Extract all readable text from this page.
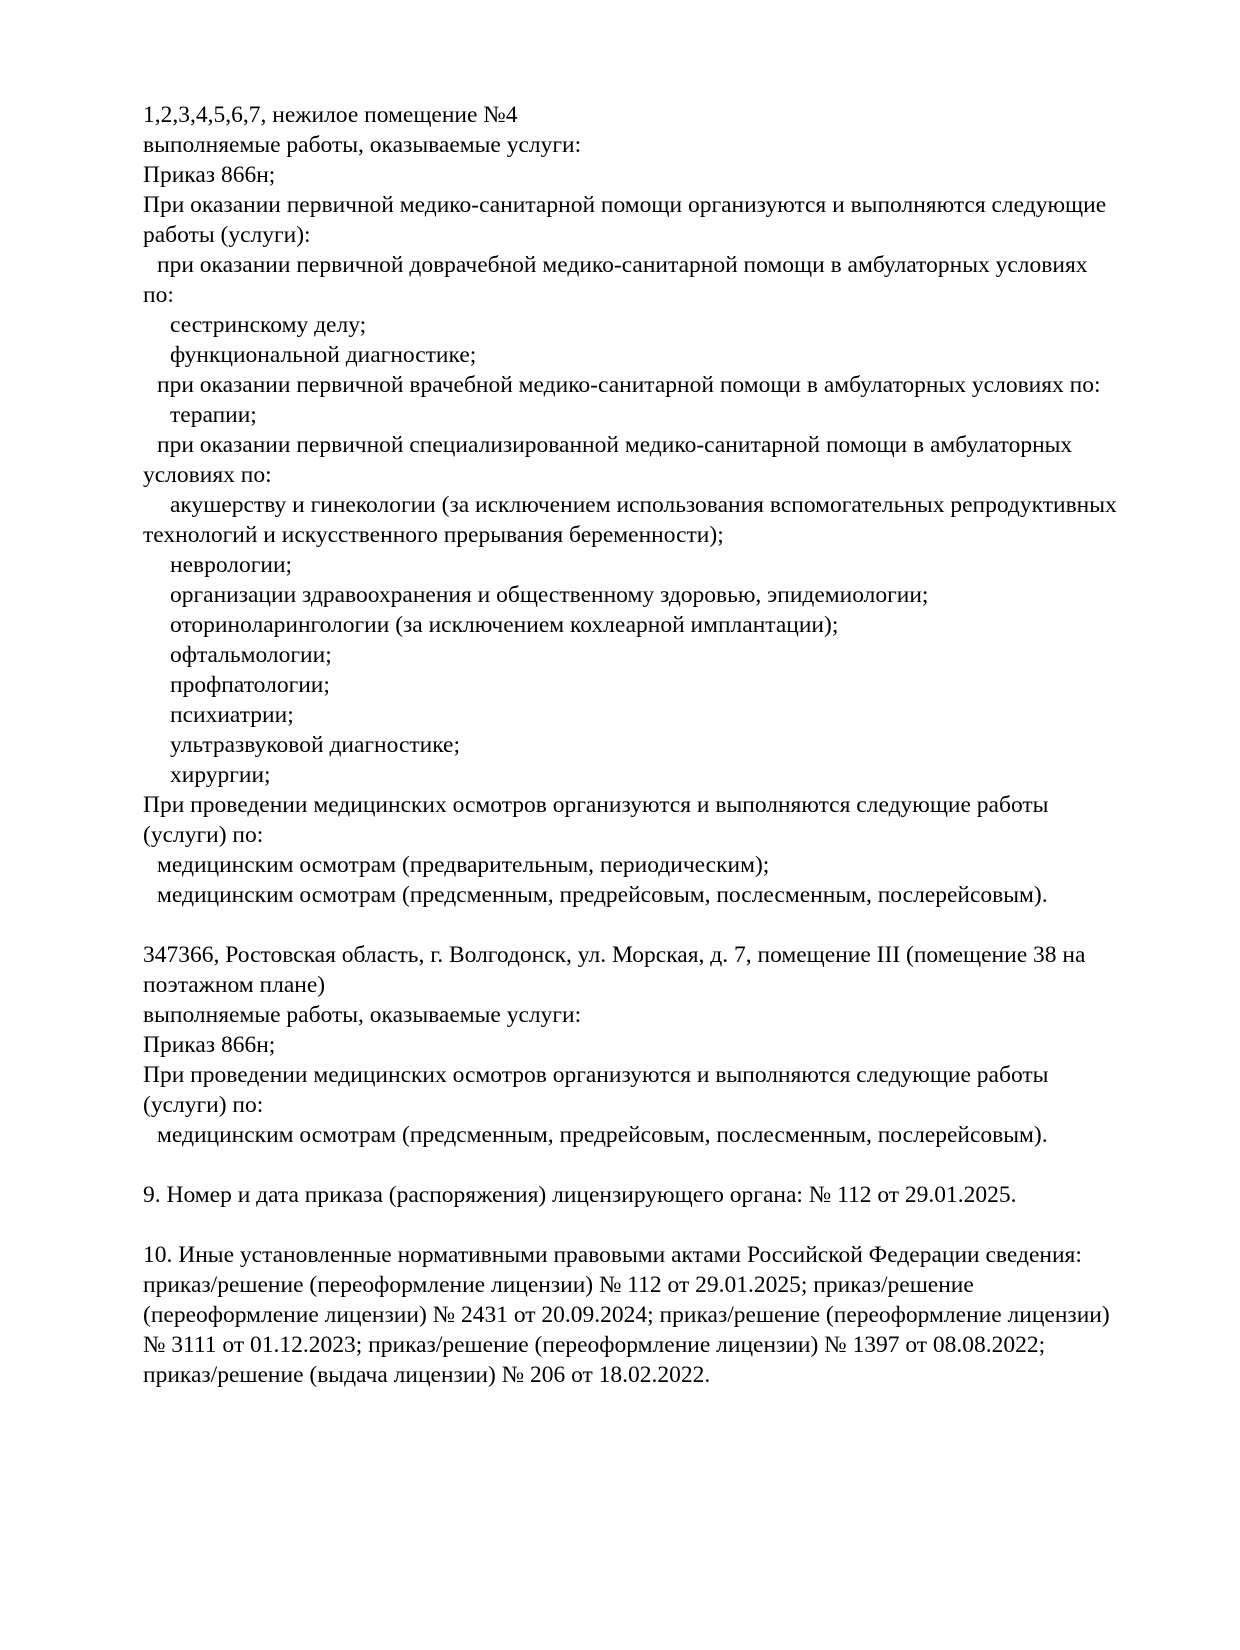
1,2,3,4,5,6,7, нежилое помещение №4
выполняемые работы, оказываемые услуги:
Приказ 866н;
При оказании первичной медико-санитарной помощи организуются и выполняются следующие
работы (услуги):
при оказании первичной доврачебной медико-санитарной помощи в амбулаторных условиях
по:
сестринскому делу;
функциональной диагностике;
при оказании первичной врачебной медико-санитарной помощи в амбулаторных условиях по:
терапии;
при оказании первичной специализированной медико-санитарной помощи в амбулаторных
условиях по:
акушерству и гинекологии (за исключением использования вспомогательных репродуктивных
технологий и искусственного прерывания беременности);
неврологии;
организации здравоохранения и общественному здоровью, эпидемиологии;
оториноларингологии (за исключением кохлеарной имплантации);
офтальмологии;
профпатологии;
психиатрии;
ультразвуковой диагностике;
хирургии;
При проведении медицинских осмотров организуются и выполняются следующие работы
(услуги) по:
медицинским осмотрам (предварительным, периодическим);
медицинским осмотрам (предсменным, предрейсовым, послесменным, послерейсовым).
347366, Ростовская область, г. Волгодонск, ул. Морская, д. 7, помещение III (помещение 38 на
поэтажном плане)
выполняемые работы, оказываемые услуги:
Приказ 866н;
При проведении медицинских осмотров организуются и выполняются следующие работы
(услуги) по:
медицинским осмотрам (предсменным, предрейсовым, послесменным, послерейсовым).
9. Номер и дата приказа (распоряжения) лицензирующего органа: № 112 от 29.01.2025.
10. Иные установленные нормативными правовыми актами Российской Федерации сведения:
приказ/решение (переоформление лицензии) № 112 от 29.01.2025; приказ/решение
(переоформление лицензии) № 2431 от 20.09.2024; приказ/решение (переоформление лицензии)
№ 3111 от 01.12.2023; приказ/решение (переоформление лицензии) № 1397 от 08.08.2022;
приказ/решение (выдача лицензии) № 206 от 18.02.2022.
